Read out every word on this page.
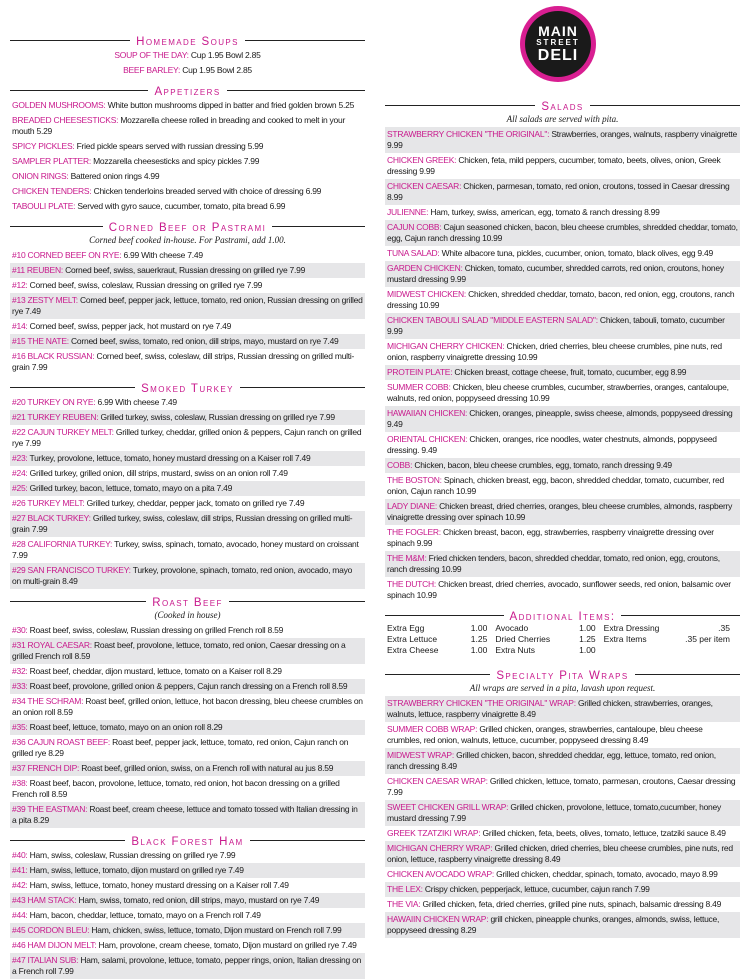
Homemade Soups
SOUP OF THE DAY: Cup 1.95 Bowl 2.85
BEEF BARLEY: Cup 1.95 Bowl 2.85
Appetizers
GOLDEN MUSHROOMS: White button mushrooms dipped in batter and fried golden brown 5.25
BREADED CHEESESTICKS: Mozzarella cheese rolled in breading and cooked to melt in your mouth 5.29
SPICY PICKLES: Fried pickle spears served with russian dressing 5.99
SAMPLER PLATTER: Mozzarella cheesesticks and spicy pickles 7.99
ONION RINGS: Battered onion rings 4.99
CHICKEN TENDERS: Chicken tenderloins breaded served with choice of dressing 6.99
TABOULI PLATE: Served with gyro sauce, cucumber, tomato, pita bread 6.99
Corned Beef or Pastrami
Corned beef cooked in-house. For Pastrami, add 1.00.
#10 CORNED BEEF ON RYE: 6.99 With cheese 7.49
#11 REUBEN: Corned beef, swiss, sauerkraut, Russian dressing on grilled rye 7.99
#12: Corned beef, swiss, coleslaw, Russian dressing on grilled rye 7.99
#13 ZESTY MELT: Corned beef, pepper jack, lettuce, tomato, red onion, Russian dressing on grilled rye 7.49
#14: Corned beef, swiss, pepper jack, hot mustard on rye 7.49
#15 THE NATE: Corned beef, swiss, tomato, red onion, dill strips, mayo, mustard on rye 7.49
#16 BLACK RUSSIAN: Corned beef, swiss, coleslaw, dill strips, Russian dressing on grilled multi-grain 7.99
Smoked Turkey
#20 TURKEY ON RYE: 6.99 With cheese 7.49
#21 TURKEY REUBEN: Grilled turkey, swiss, coleslaw, Russian dressing on grilled rye 7.99
#22 CAJUN TURKEY MELT: Grilled turkey, cheddar, grilled onion & peppers, Cajun ranch on grilled rye 7.99
#23: Turkey, provolone, lettuce, tomato, honey mustard dressing on a Kaiser roll 7.49
#24: Grilled turkey, grilled onion, dill strips, mustard, swiss on an onion roll 7.49
#25: Grilled turkey, bacon, lettuce, tomato, mayo on a pita 7.49
#26 TURKEY MELT: Grilled turkey, cheddar, pepper jack, tomato on grilled rye 7.49
#27 BLACK TURKEY: Grilled turkey, swiss, coleslaw, dill strips, Russian dressing on grilled multi-grain 7.99
#28 CALIFORNIA TURKEY: Turkey, swiss, spinach, tomato, avocado, honey mustard on croissant 7.99
#29 SAN FRANCISCO TURKEY: Turkey, provolone, spinach, tomato, red onion, avocado, mayo on multi-grain 8.49
Roast Beef
(Cooked in house)
#30: Roast beef, swiss, coleslaw, Russian dressing on grilled French roll 8.59
#31 ROYAL CAESAR: Roast beef, provolone, lettuce, tomato, red onion, Caesar dressing on a grilled French roll 8.59
#32: Roast beef, cheddar, dijon mustard, lettuce, tomato on a Kaiser roll 8.29
#33: Roast beef, provolone, grilled onion & peppers, Cajun ranch dressing on a French roll 8.59
#34 THE SCHRAM: Roast beef, grilled onion, lettuce, hot bacon dressing, bleu cheese crumbles on an onion roll 8.59
#35: Roast beef, lettuce, tomato, mayo on an onion roll 8.29
#36 CAJUN ROAST BEEF: Roast beef, pepper jack, lettuce, tomato, red onion, Cajun ranch on grilled rye 8.29
#37 FRENCH DIP: Roast beef, grilled onion, swiss, on a French roll with natural au jus 8.59
#38: Roast beef, bacon, provolone, lettuce, tomato, red onion, hot bacon dressing on a grilled French roll 8.59
#39 THE EASTMAN: Roast beef, cream cheese, lettuce and tomato tossed with Italian dressing in a pita 8.29
Black Forest Ham
#40: Ham, swiss, coleslaw, Russian dressing on grilled rye 7.99
#41: Ham, swiss, lettuce, tomato, dijon mustard on grilled rye 7.49
#42: Ham, swiss, lettuce, tomato, honey mustard dressing on a Kaiser roll 7.49
#43 HAM STACK: Ham, swiss, tomato, red onion, dill strips, mayo, mustard on rye 7.49
#44: Ham, bacon, cheddar, lettuce, tomato, mayo on a French roll 7.49
#45 CORDON BLEU: Ham, chicken, swiss, lettuce, tomato, Dijon mustard on French roll 7.99
#46 HAM DIJON MELT: Ham, provolone, cream cheese, tomato, Dijon mustard on grilled rye 7.49
#47 ITALIAN SUB: Ham, salami, provolone, lettuce, tomato, pepper rings, onion, Italian dressing on a French roll 7.99
MAIN
STREET
DELI
Salads
All salads are served with pita.
STRAWBERRY CHICKEN "THE ORIGINAL": Strawberries, oranges, walnuts, raspberry vinaigrette 9.99
CHICKEN GREEK: Chicken, feta, mild peppers, cucumber, tomato, beets, olives, onion, Greek dressing 9.99
CHICKEN CAESAR: Chicken, parmesan, tomato, red onion, croutons, tossed in Caesar dressing 8.99
JULIENNE: Ham, turkey, swiss, american, egg, tomato & ranch dressing 8.99
CAJUN COBB: Cajun seasoned chicken, bacon, bleu cheese crumbles, shredded cheddar, tomato, egg, Cajun ranch dressing 10.99
TUNA SALAD: White albacore tuna, pickles, cucumber, onion, tomato, black olives, egg 9.49
GARDEN CHICKEN: Chicken, tomato, cucumber, shredded carrots, red onion, croutons, honey mustard dressing 9.99
MIDWEST CHICKEN: Chicken, shredded cheddar, tomato, bacon, red onion, egg, croutons, ranch dressing 10.99
CHICKEN TABOULI SALAD "MIDDLE EASTERN SALAD": Chicken, tabouli, tomato, cucumber 9.99
MICHIGAN CHERRY CHICKEN: Chicken, dried cherries, bleu cheese crumbles, pine nuts, red onion, raspberry vinaigrette dressing 10.99
PROTEIN PLATE: Chicken breast, cottage cheese, fruit, tomato, cucumber, egg 8.99
SUMMER COBB: Chicken, bleu cheese crumbles, cucumber, strawberries, oranges, cantaloupe, walnuts, red onion, poppyseed dressing 10.99
HAWAIIAN CHICKEN: Chicken, oranges, pineapple, swiss cheese, almonds, poppyseed dressing 9.49
ORIENTAL CHICKEN: Chicken, oranges, rice noodles, water chestnuts, almonds, poppyseed dressing. 9.49
COBB: Chicken, bacon, bleu cheese crumbles, egg, tomato, ranch dressing 9.49
THE BOSTON: Spinach, chicken breast, egg, bacon, shredded cheddar, tomato, cucumber, red onion, Cajun ranch 10.99
LADY DIANE: Chicken breast, dried cherries, oranges, bleu cheese crumbles, almonds, raspberry vinaigrette dressing over spinach 10.99
THE FOGLER: Chicken breast, bacon, egg, strawberries, raspberry vinaigrette dressing over spinach 9.99
THE M&M: Fried chicken tenders, bacon, shredded cheddar, tomato, red onion, egg, croutons, ranch dressing 10.99
THE DUTCH: Chicken breast, dried cherries, avocado, sunflower seeds, red onion, balsamic over spinach 10.99
Additional Items:
Extra Egg	1.00 Avocado	1.00 Extra Dressing	.35
Extra Lettuce	1.25 Dried Cherries	1.25 Extra Items	.35 per item
Extra Cheese	1.00 Extra Nuts	1.00
Specialty Pita Wraps
All wraps are served in a pita, lavash upon request.
STRAWBERRY CHICKEN "THE ORIGINAL" WRAP: Grilled chicken, strawberries, oranges, walnuts, lettuce, raspberry vinaigrette 8.49
SUMMER COBB WRAP: Grilled chicken, oranges, strawberries, cantaloupe, bleu cheese crumbles, red onion, walnuts, lettuce, cucumber, poppyseed dressing 8.49
MIDWEST WRAP: Grilled chicken, bacon, shredded cheddar, egg, lettuce, tomato, red onion, ranch dressing 8.49
CHICKEN CAESAR WRAP: Grilled chicken, lettuce, tomato, parmesan, croutons, Caesar dressing 7.99
SWEET CHICKEN GRILL WRAP: Grilled chicken, provolone, lettuce, tomato,cucumber, honey mustard dressing 7.99
GREEK TZATZIKI WRAP: Grilled chicken, feta, beets, olives, tomato, lettuce, tzatziki sauce 8.49
MICHIGAN CHERRY WRAP: Grilled chicken, dried cherries, bleu cheese crumbles, pine nuts, red onion, lettuce, raspberry vinaigrette dressing 8.49
CHICKEN AVOCADO WRAP: Grilled chicken, cheddar, spinach, tomato, avocado, mayo 8.99
THE LEX: Crispy chicken, pepperjack, lettuce, cucumber, cajun ranch 7.99
THE VIA: Grilled chicken, feta, dried cherries, grilled pine nuts, spinach, balsamic dressing 8.49
HAWAIIN CHICKEN WRAP: grill chicken, pineapple chunks, oranges, almonds, swiss, lettuce, poppyseed dressing 8.29
